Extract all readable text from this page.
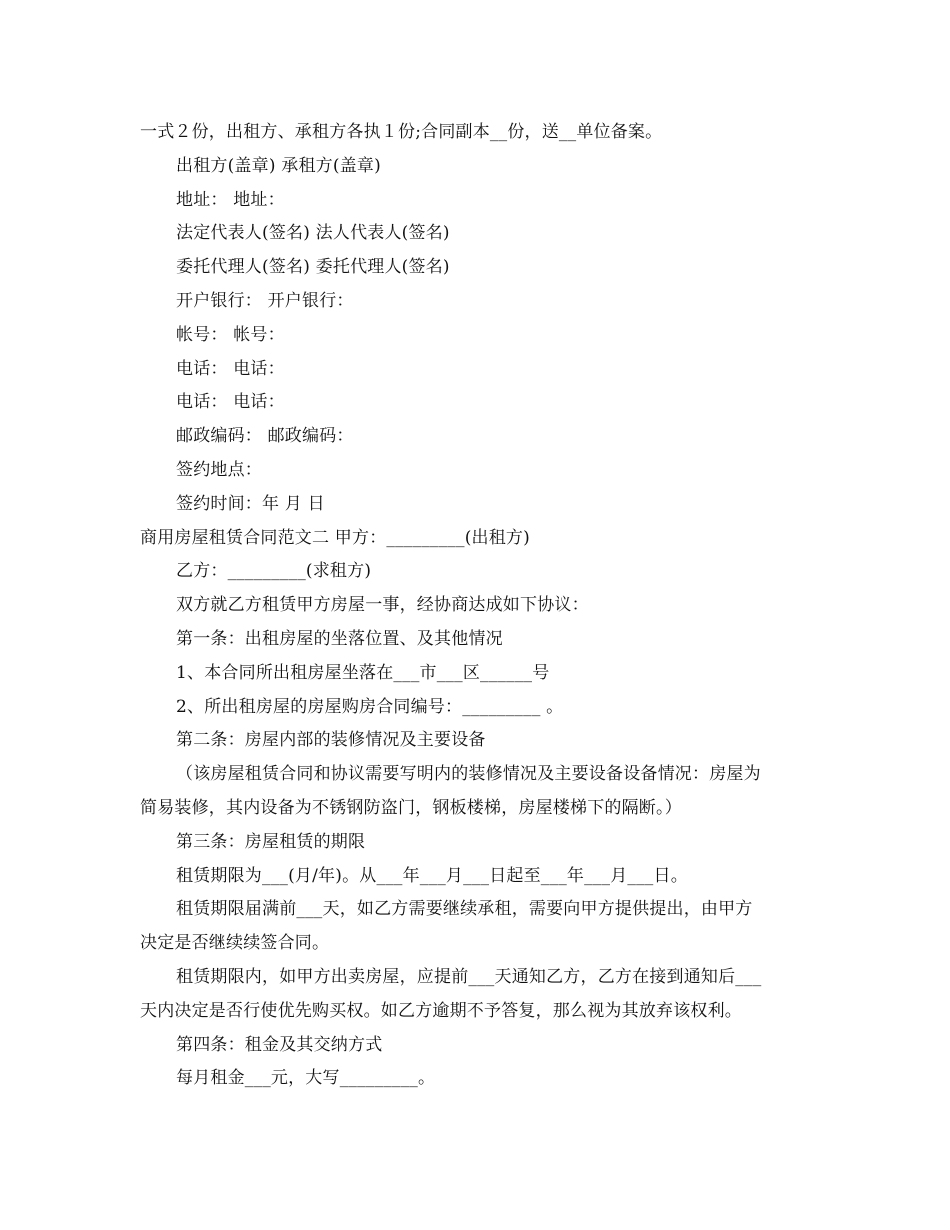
一式２份，出租方、承租方各执１份;合同副本__份，送__单位备案。
出租方(盖章) 承租方(盖章)
地址： 地址：
法定代表人(签名) 法人代表人(签名)
委托代理人(签名) 委托代理人(签名)
开户银行： 开户银行：
帐号： 帐号：
电话： 电话：
电话： 电话：
邮政编码： 邮政编码：
签约地点：
签约时间：年 月 日
商用房屋租赁合同范文二 甲方：_________(出租方)
乙方：_________(求租方)
双方就乙方租赁甲方房屋一事，经协商达成如下协议：
第一条：出租房屋的坐落位置、及其他情况
1、本合同所出租房屋坐落在___市___区______号
2、所出租房屋的房屋购房合同编号：_________ 。
第二条：房屋内部的装修情况及主要设备
（该房屋租赁合同和协议需要写明内的装修情况及主要设备设备情况：房屋为
简易装修，其内设备为不锈钢防盗门，钢板楼梯，房屋楼梯下的隔断。）
第三条：房屋租赁的期限
租赁期限为___(月/年)。从___年___月___日起至___年___月___日。
租赁期限届满前___天，如乙方需要继续承租，需要向甲方提供提出，由甲方
决定是否继续续签合同。
租赁期限内，如甲方出卖房屋，应提前___天通知乙方，乙方在接到通知后___
天内决定是否行使优先购买权。如乙方逾期不予答复，那么视为其放弃该权利。
第四条：租金及其交纳方式
每月租金___元，大写_________。
